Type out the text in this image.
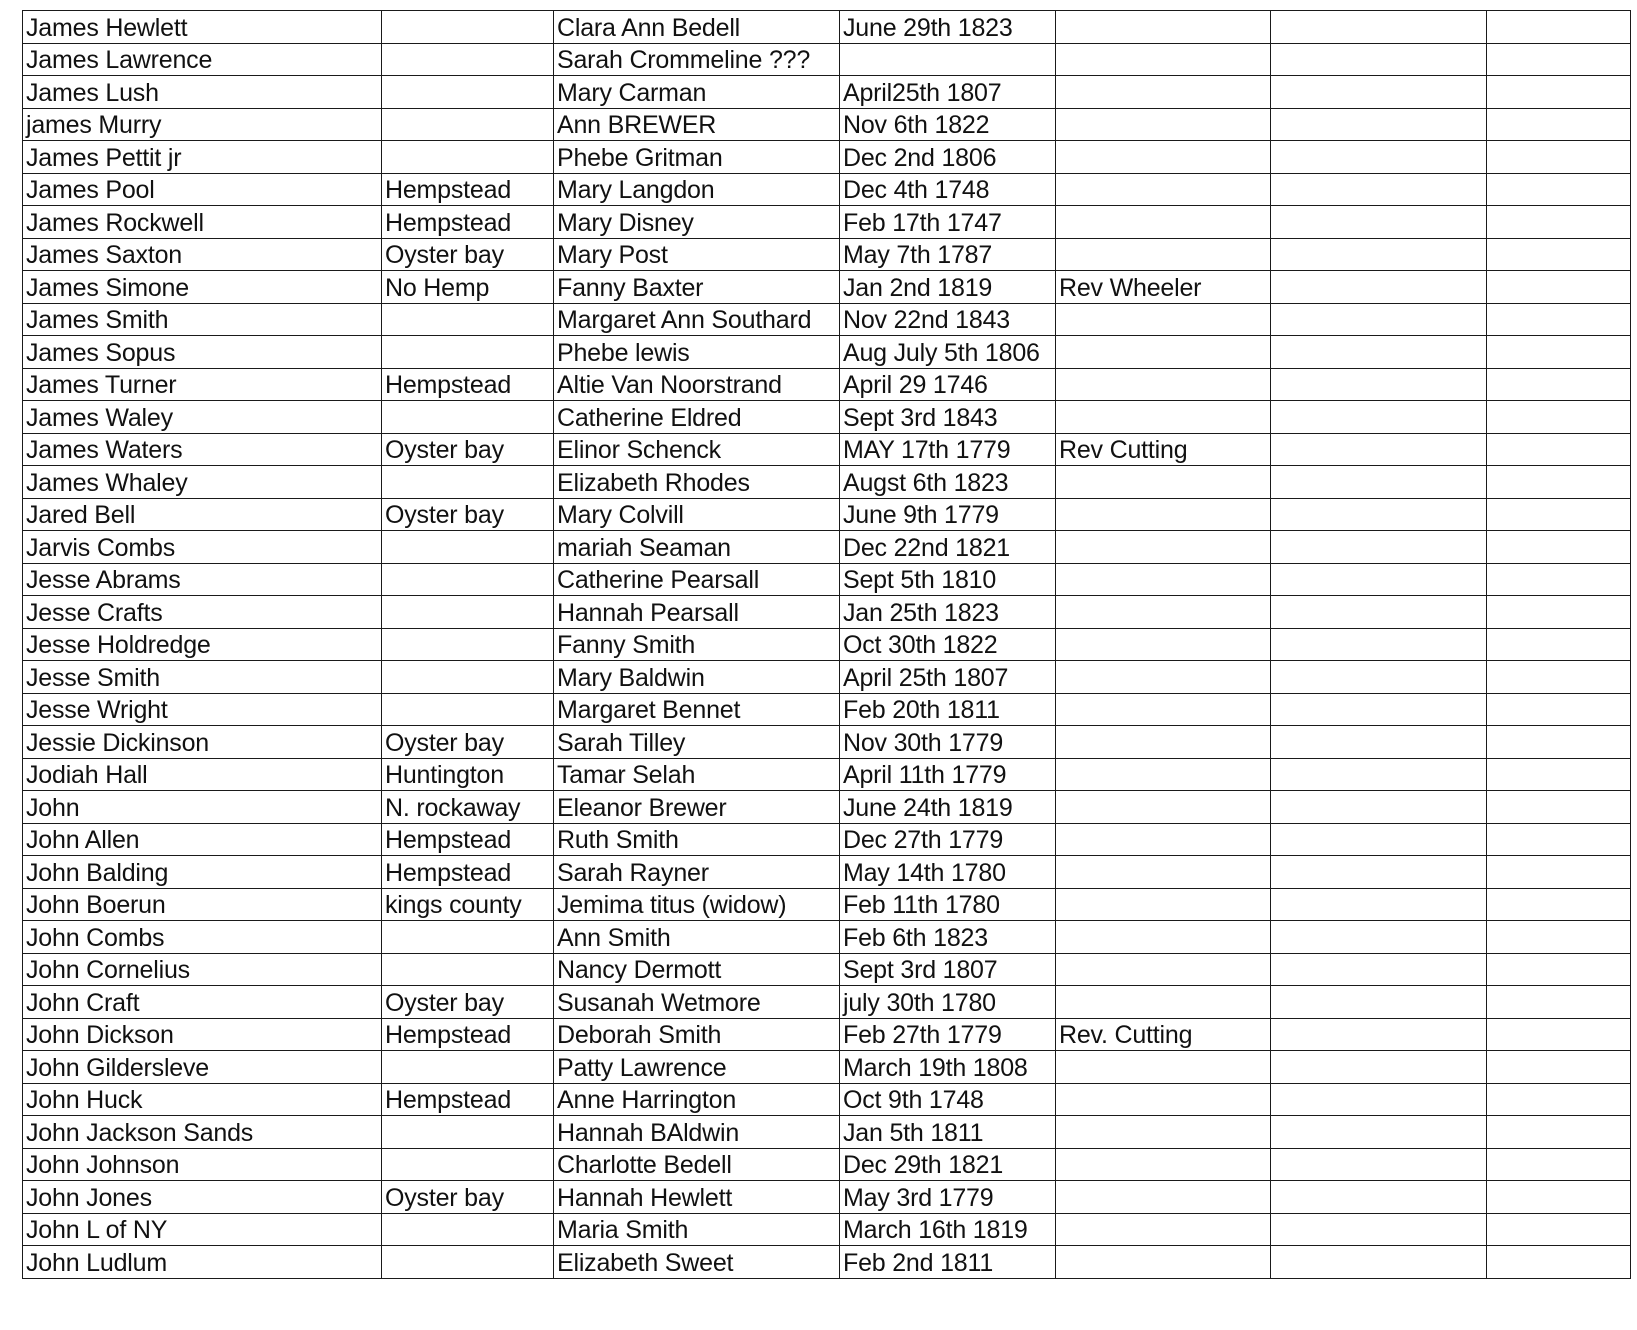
James Hewlett		Clara Ann Bedell	June 29th 1823			
James Lawrence		Sarah Crommeline ???				
James Lush		Mary Carman	April25th 1807			
james Murry		Ann BREWER	Nov 6th 1822			
James Pettit jr		Phebe Gritman	Dec 2nd 1806			
James Pool	Hempstead	Mary Langdon	Dec 4th 1748			
James Rockwell	Hempstead	Mary Disney	Feb 17th 1747			
James Saxton	Oyster bay	Mary Post	May 7th 1787			
James Simone	No Hemp	Fanny Baxter	Jan 2nd 1819	Rev Wheeler		
James Smith		Margaret Ann Southard	Nov 22nd 1843			
James Sopus		Phebe lewis	Aug July 5th 1806			
James Turner	Hempstead	Altie Van Noorstrand	April 29 1746			
James Waley		Catherine Eldred	Sept 3rd 1843			
James Waters	Oyster bay	Elinor Schenck	MAY 17th 1779	Rev Cutting		
James Whaley		Elizabeth Rhodes	Augst 6th 1823			
Jared Bell	Oyster bay	Mary Colvill	June 9th 1779			
Jarvis Combs		mariah Seaman	Dec 22nd 1821			
Jesse Abrams		Catherine Pearsall	Sept 5th 1810			
Jesse Crafts		Hannah Pearsall	Jan 25th 1823			
Jesse Holdredge		Fanny Smith	Oct 30th 1822			
Jesse Smith		Mary Baldwin	April 25th 1807			
Jesse Wright		Margaret Bennet	Feb 20th 1811			
Jessie Dickinson	Oyster bay	Sarah Tilley	Nov 30th 1779			
Jodiah Hall	Huntington	Tamar Selah	April 11th 1779			
John	N. rockaway	Eleanor Brewer	June 24th 1819			
John Allen	Hempstead	Ruth Smith	Dec 27th 1779			
John Balding	Hempstead	Sarah Rayner	May 14th 1780			
John Boerun	kings county	Jemima titus (widow)	Feb 11th 1780			
John Combs		Ann Smith	Feb 6th 1823			
John Cornelius		Nancy Dermott	Sept 3rd 1807			
John Craft	Oyster bay	Susanah Wetmore	july 30th 1780			
John Dickson	Hempstead	Deborah Smith	Feb 27th 1779	Rev. Cutting		
John Gildersleve		Patty Lawrence	March 19th 1808			
John Huck	Hempstead	Anne Harrington	Oct 9th 1748			
John Jackson Sands		Hannah BAldwin	Jan 5th 1811			
John Johnson		Charlotte Bedell	Dec 29th 1821			
John Jones	Oyster bay	Hannah Hewlett	May 3rd 1779			
John L of NY		Maria Smith	March 16th 1819			
John Ludlum		Elizabeth Sweet	Feb 2nd 1811			
